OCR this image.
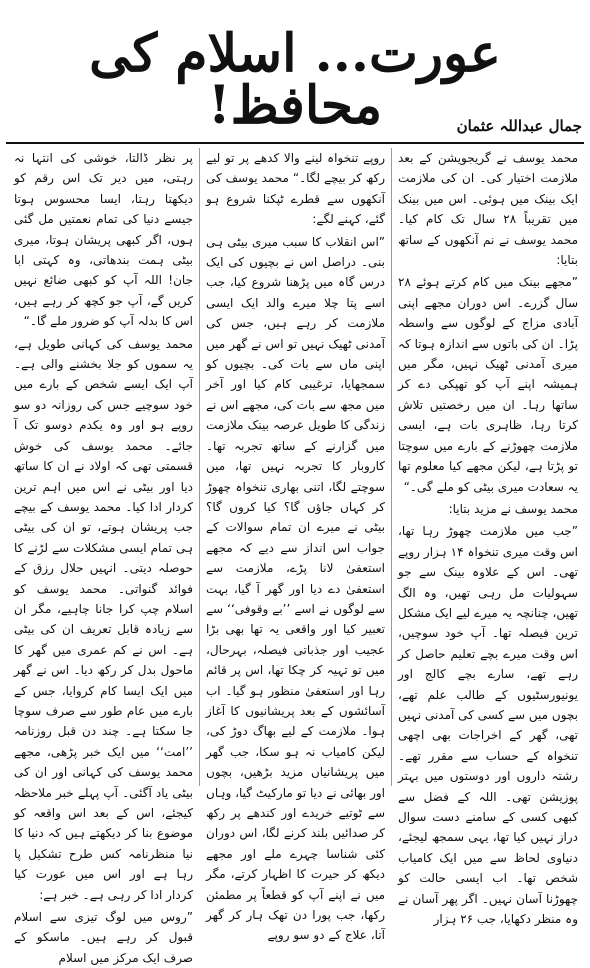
عورت... اسلام کی محافظ!	جمال عبداللہ عثمان

محمد یوسف نے گریجویشن کے بعد ملازمت اختیار کی۔ ان کی ملازمت ایک بینک میں ہوئی۔ اس میں بینک میں تقریباً ۲۸ سال تک کام کیا۔ محمد یوسف نے نم آنکھوں کے ساتھ بتایا:

”مجھے بینک میں کام کرتے ہوئے ۲۸ سال گزرے۔ اس دوران مجھے اپنی آبادی مزاج کے لوگوں سے واسطہ پڑا۔ ان کی باتوں سے اندازہ ہوتا کہ میری آمدنی ٹھیک نہیں، مگر میں ہمیشہ اپنے آپ کو تھپکی دے کر ساتھا رہا۔ ان میں رخصتیں تلاش کرتا رہا، ظاہری بات ہے، ایسی ملازمت چھوڑنے کے بارے میں سوچتا تو پڑتا ہے، لیکن مجھے کیا معلوم تھا یہ سعادت میری بیٹی کو ملے گی۔“

محمد یوسف نے مزید بتایا:

”جب میں ملازمت چھوڑ رہا تھا، اس وقت میری تنخواہ ۱۴ ہزار روپے تھی۔ اس کے علاوہ بینک سے جو سہولیات مل رہی تھیں، وہ الگ تھیں، چنانچہ یہ میرے لیے ایک مشکل ترین فیصلہ تھا۔ آپ خود سوچیں، اس وقت میرے بچے تعلیم حاصل کر رہے تھے، سارے بچے کالج اور یونیورسٹیوں کے طالب علم تھے، بچوں میں سے کسی کی آمدنی نہیں تھی، گھر کے اخراجات بھی اچھی تنخواہ کے حساب سے مقرر تھے۔ رشتہ داروں اور دوستوں میں بہتر پوزیشن تھی۔ اللہ کے فضل سے کبھی کسی کے سامنے دست سوال دراز نہیں کیا تھا، یہی سمجھ لیجئے، دنیاوی لحاظ سے میں ایک کامیاب شخص تھا۔ اب ایسی حالت کو چھوڑنا آسان نہیں۔ اگر پھر آسان نے وہ منظر دکھایا، جب ۲۶ ہزار

روپے تنخواہ لینے والا کدھے پر تو لیے رکھ کر بیچے لگا۔“ محمد یوسف کی آنکھوں سے قطرے ٹپکنا شروع ہو گئے، کہنے لگے:

”اس انقلاب کا سبب میری بیٹی ہی بنی۔ دراصل اس نے بچیوں کی ایک درس گاہ میں پڑھنا شروع کیا، جب اسے پتا چلا میرے والد ایک ایسی ملازمت کر رہے ہیں، جس کی آمدنی ٹھیک نہیں تو اس نے گھر میں اپنی ماں سے بات کی۔ بچیوں کو سمجھایا، ترغیبی کام کیا اور آخر میں مجھ سے بات کی، مجھے اس نے زندگی کا طویل عرصہ بینک ملازمت میں گزارنے کے ساتھ تجربہ تھا۔ کاروبار کا تجربہ نہیں تھا، میں سوچتے لگا، اتنی بھاری تنخواہ چھوڑ کر کہاں جاؤں گا؟ کیا کروں گا؟ بیٹی نے میرے ان تمام سوالات کے جواب اس انداز سے دیے کہ مجھے استعفیٰ لانا پڑے، ملازمت سے استعفیٰ دے دیا اور گھر آ گیا، بہت سے لوگوں نے اسے ’’بے وقوفی‘‘ سے تعبیر کیا اور واقعی یہ تھا بھی بڑا عجیب اور جذباتی فیصلہ، بہرحال، میں تو تہیہ کر چکا تھا، اس پر قائم رہا اور استعفیٰ منظور ہو گیا۔ اب آسائشوں کے بعد پریشانیوں کا آغاز ہوا۔ ملازمت کے لیے بھاگ دوڑ کی، لیکن کامیاب نہ ہو سکا، جب گھر میں پریشانیاں مزید بڑھیں، بچوں اور بھائی نے دیا تو مارکیٹ گیا، وہاں سے ٹوتیے خریدے اور کندھے پر رکھ کر صدائیں بلند کرنے لگا، اس دوران کئی شناسا چہرے ملے اور مجھے دیکھ کر حیرت کا اظہار کرتے، مگر میں نے اپنے آپ کو قطعاً پر مطمئن رکھا، جب پورا دن تھک ہار کر گھر آتا، علاج کے دو سو روپے

پر نظر ڈالتا، خوشی کی انتہا نہ رہتی، میں دیر تک اس رقم کو دیکھتا رہتا، ایسا محسوس ہوتا جیسے دنیا کی تمام نعمتیں مل گئی ہوں، اگر کبھی پریشان ہوتا، میری بیٹی ہمت بندھاتی، وہ کہتی ابا جان! اللہ آپ کو کبھی ضائع نہیں کریں گے، آپ جو کچھ کر رہے ہیں، اس کا بدلہ آپ کو ضرور ملے گا۔“

محمد یوسف کی کہانی طویل ہے، یہ سموں کو جلا بخشنے والی ہے۔ آپ ایک ایسے شخص کے بارے میں خود سوچیے جس کی روزانہ دو سو روپے ہو اور وہ یکدم دوسو تک آ جائے۔ محمد یوسف کی خوش قسمتی تھی کہ اولاد نے ان کا ساتھ دیا اور بیٹی نے اس میں اہم ترین کردار ادا کیا۔ محمد یوسف کے بیچے جب پریشان ہوتے، تو ان کی بیٹی ہی تمام ایسی مشکلات سے لڑنے کا حوصلہ دیتی۔ انہیں حلال رزق کے فوائد گنواتی۔ محمد یوسف کو اسلام چپ کرا جانا چاہیے، مگر ان سے زیادہ قابل تعریف ان کی بیٹی ہے۔ اس نے کم عمری میں گھر کا ماحول بدل کر رکھ دیا۔ اس نے گھر میں ایک ایسا کام کروایا، جس کے بارے میں عام طور سے صرف سوچا جا سکتا ہے۔ چند دن قبل روزنامہ ’’امت‘‘ میں ایک خبر پڑھی، مجھے محمد یوسف کی کہانی اور ان کی بیٹی یاد آگئی۔ آپ پہلے خبر ملاحظہ کیجئے، اس کے بعد اس واقعہ کو موضوع بنا کر دیکھتے ہیں کہ دنیا کا نیا منظرنامہ کس طرح تشکیل پا رہا ہے اور اس میں عورت کیا کردار ادا کر رہی ہے۔ خبر ہے:

”روس میں لوگ تیزی سے اسلام قبول کر رہے ہیں۔ ماسکو کے صرف ایک مرکز میں اسلام
